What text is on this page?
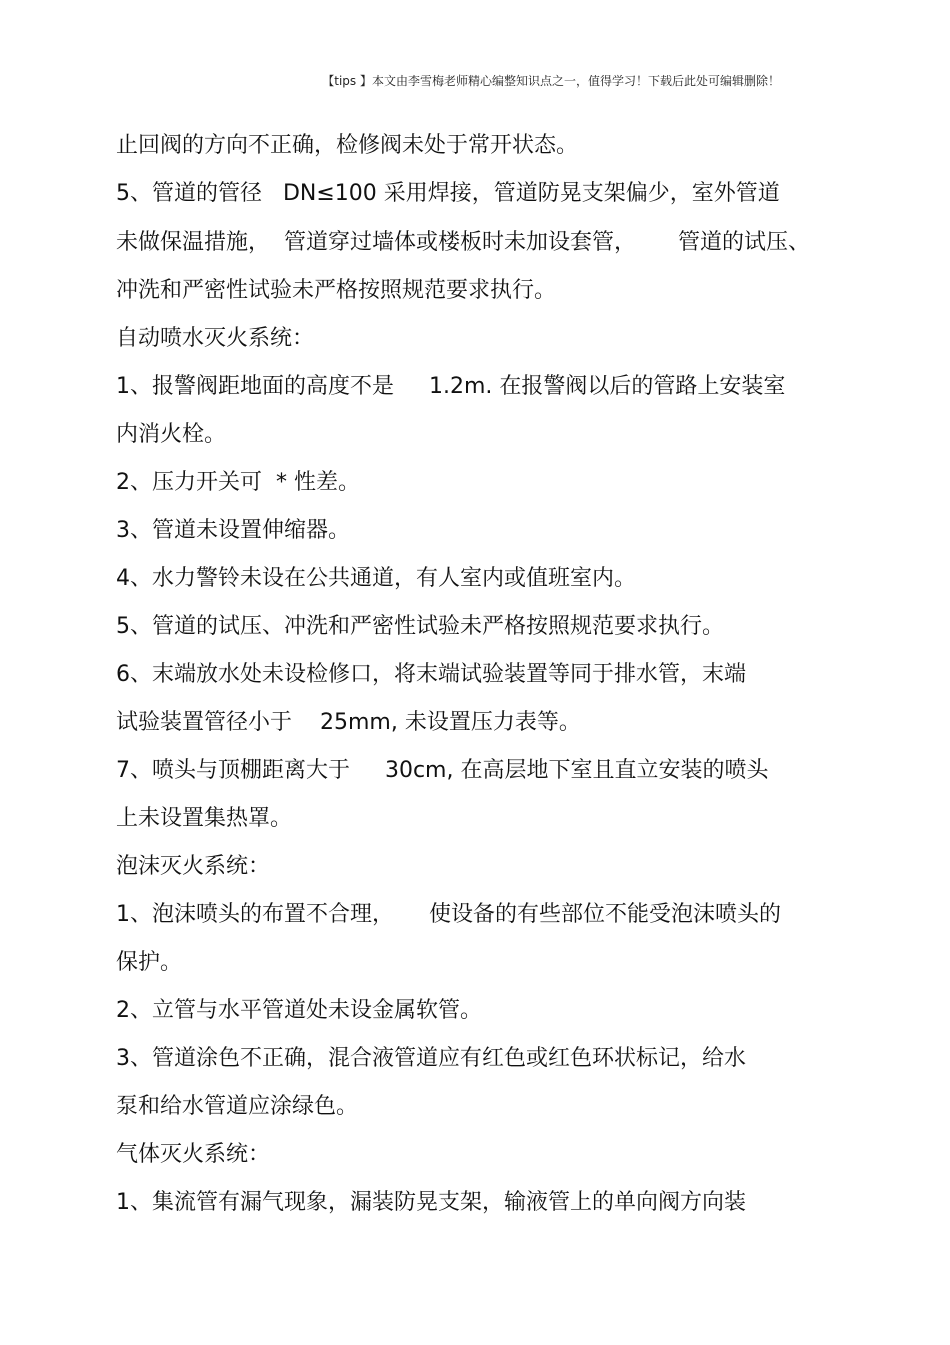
【tips 】本文由李雪梅老师精心编整知识点之一，值得学习！下载后此处可编辑删除！
止回阀的方向不正确，检修阀未处于常开状态。
5、管道的管径   DN≤100 采用焊接，管道防晃支架偏少，室外管道
未做保温措施，  管道穿过墙体或楼板时未加设套管，      管道的试压、
冲洗和严密性试验未严格按照规范要求执行。
自动喷水灭火系统：
1、报警阀距地面的高度不是     1.2m. 在报警阀以后的管路上安装室
内消火栓。
2、压力开关可  * 性差。
3、管道未设置伸缩器。
4、水力警铃未设在公共通道，有人室内或值班室内。
5、管道的试压、冲洗和严密性试验未严格按照规范要求执行。
6、末端放水处未设检修口，将末端试验装置等同于排水管，末端
试验装置管径小于    25mm, 未设置压力表等。
7、喷头与顶棚距离大于     30cm, 在高层地下室且直立安装的喷头
上未设置集热罩。
泡沫灭火系统：
1、泡沫喷头的布置不合理，     使设备的有些部位不能受泡沫喷头的
保护。
2、立管与水平管道处未设金属软管。
3、管道涂色不正确，混合液管道应有红色或红色环状标记，给水
泵和给水管道应涂绿色。
气体灭火系统：
1、集流管有漏气现象，漏装防晃支架，输液管上的单向阀方向装
